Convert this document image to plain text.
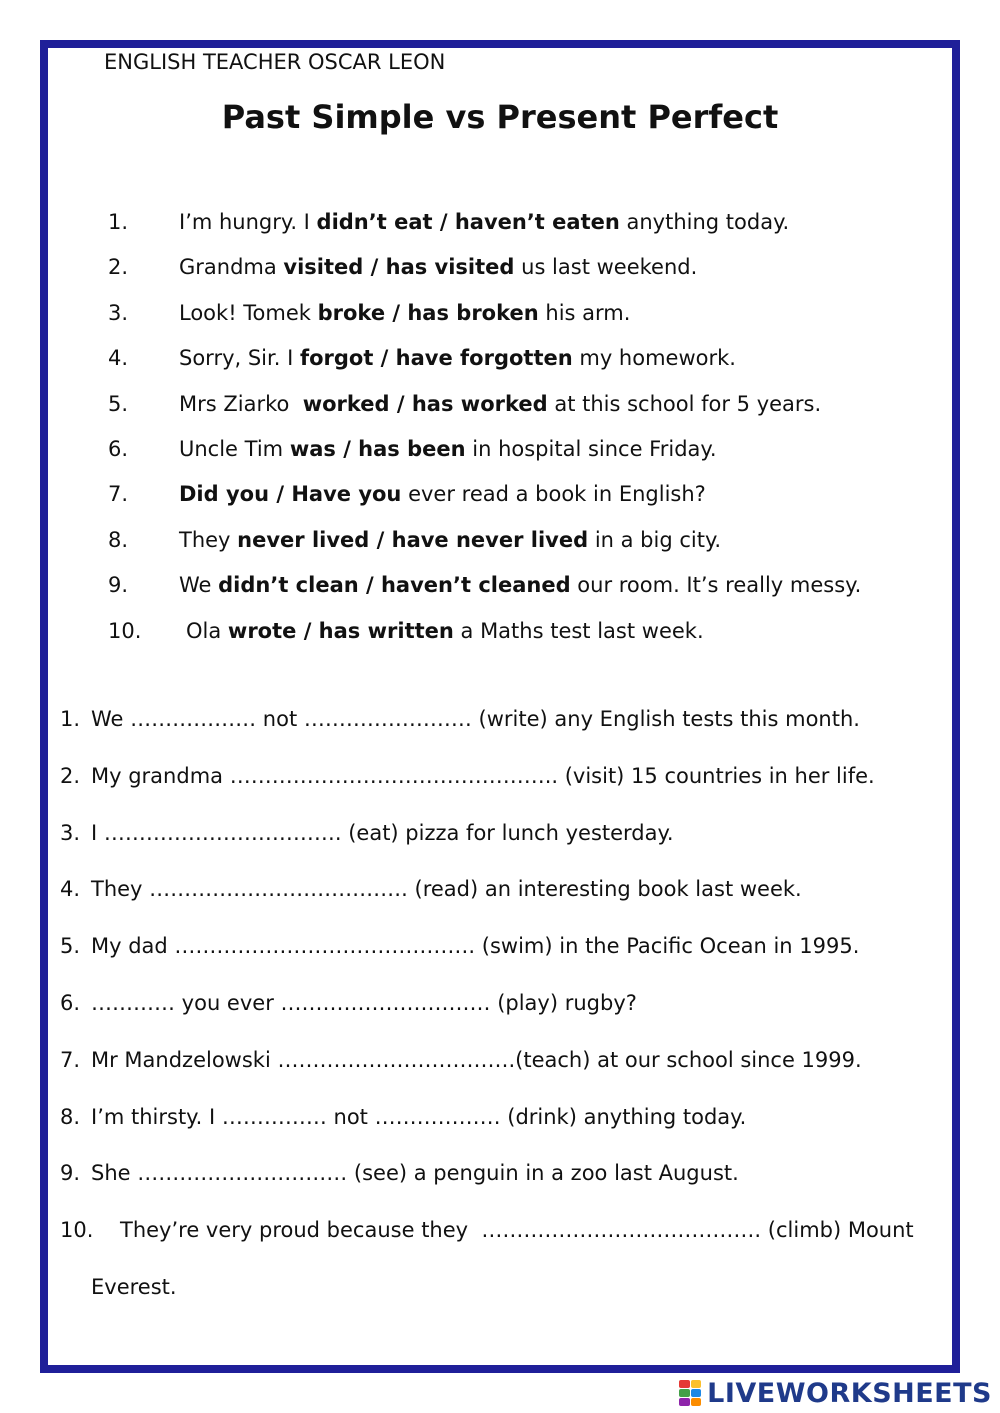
ENGLISH TEACHER OSCAR LEON
Past Simple vs Present Perfect
1. I’m hungry. I didn’t eat / haven’t eaten anything today.
2. Grandma visited / has visited us last weekend.
3. Look! Tomek broke / has broken his arm.
4. Sorry, Sir. I forgot / have forgotten my homework.
5. Mrs Ziarko  worked / has worked at this school for 5 years.
6. Uncle Tim was / has been in hospital since Friday.
7. Did you / Have you ever read a book in English?
8. They never lived / have never lived in a big city.
9. We didn’t clean / haven’t cleaned our room. It’s really messy.
10. Ola wrote / has written a Maths test last week.
1. We ……………… not …………………… (write) any English tests this month.
2. My grandma ……………………………………….. (visit) 15 countries in her life.
3. I ……………………………. (eat) pizza for lunch yesterday.
4. They ………………………………. (read) an interesting book last week.
5. My dad ……………………………………. (swim) in the Pacific Ocean in 1995.
6. ………… you ever ………………………… (play) rugby?
7. Mr Mandzelowski …………………………….(teach) at our school since 1999.
8. I’m thirsty. I …………… not ……………… (drink) anything today.
9. She ………………………… (see) a penguin in a zoo last August.
10. They’re very proud because they  …………………………………. (climb) Mount
Everest.
LIVEWORKSHEETS
